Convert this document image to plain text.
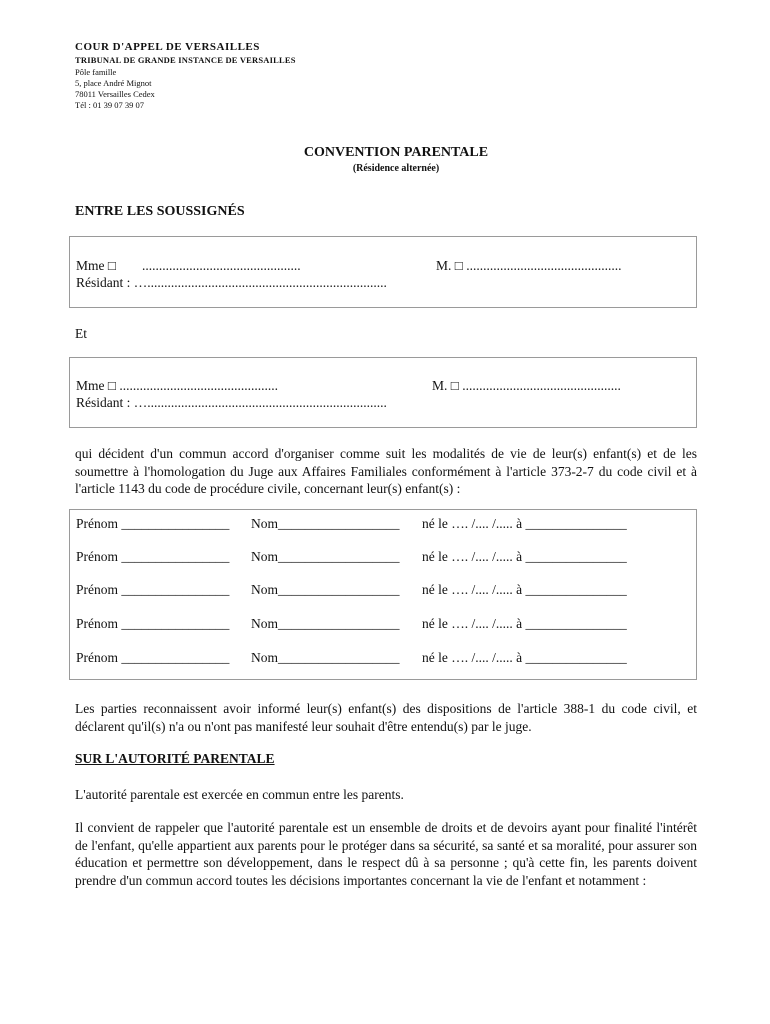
COUR D'APPEL DE VERSAILLES
TRIBUNAL DE GRANDE INSTANCE DE VERSAILLES
Pôle famille
5, place André Mignot
78011 Versailles Cedex
Tél : 01 39 07 39 07
CONVENTION PARENTALE
(Résidence alternée)
ENTRE LES SOUSSIGNÉS
Mme □ ...............................................	M. □ ..............................................
Résidant : ….......................................................................
Et
Mme □ ...............................................	M. □ ...............................................
Résidant : ….......................................................................
qui décident d'un commun accord d'organiser comme suit les modalités de vie de leur(s) enfant(s) et de les soumettre à l'homologation du Juge aux Affaires Familiales conformément à l'article 373-2-7 du code civil et à l'article 1143 du code de procédure civile, concernant leur(s) enfant(s) :
Prénom ________________ Nom__________________ né le …. /.... /..... à _______________
Prénom ________________ Nom__________________ né le …. /.... /..... à _______________
Prénom ________________ Nom__________________ né le …. /.... /..... à _______________
Prénom ________________ Nom__________________ né le …. /.... /..... à _______________
Prénom ________________ Nom__________________ né le …. /.... /..... à _______________
Les parties reconnaissent avoir informé leur(s) enfant(s) des dispositions de l'article 388-1 du code civil, et déclarent qu'il(s) n'a ou n'ont pas manifesté leur souhait d'être entendu(s) par le juge.
SUR L'AUTORITÉ PARENTALE
L'autorité parentale est exercée en commun entre les parents.
Il convient de rappeler que l'autorité parentale est un ensemble de droits et de devoirs ayant pour finalité l'intérêt de l'enfant, qu'elle appartient aux parents pour le protéger dans sa sécurité, sa santé et sa moralité, pour assurer son éducation et permettre son développement, dans le respect dû à sa personne ; qu'à cette fin, les parents doivent prendre d'un commun accord toutes les décisions importantes concernant la vie de l'enfant et notamment :
